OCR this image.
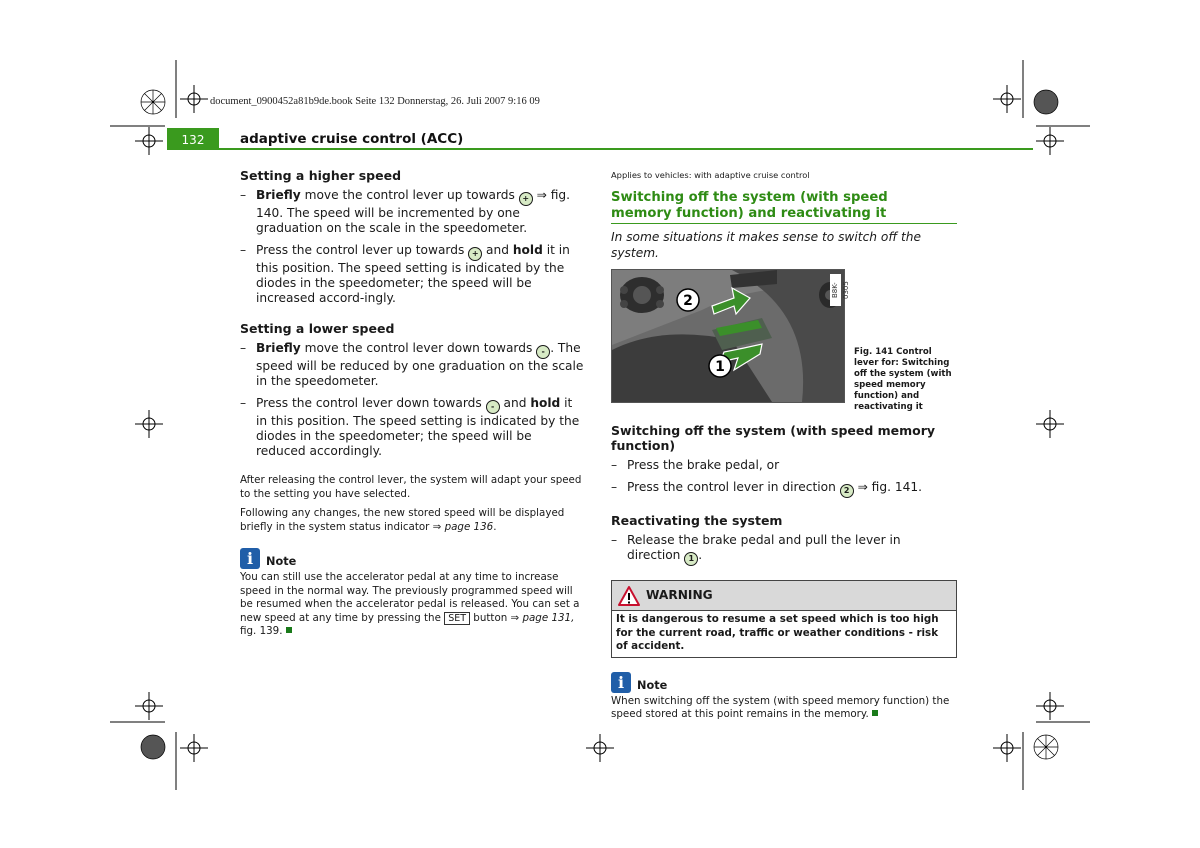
document_0900452a81b9de.book Seite 132 Donnerstag, 26. Juli 2007 9:16 09
132	adaptive cruise control (ACC)
Setting a higher speed
– Briefly move the control lever up towards + ⇒ fig. 140. The speed will be incremented by one graduation on the scale in the speedometer.
– Press the control lever up towards + and hold it in this position. The speed setting is indicated by the diodes in the speedometer; the speed will be increased accord-ingly.
Setting a lower speed
– Briefly move the control lever down towards - . The speed will be reduced by one graduation on the scale in the speedometer.
– Press the control lever down towards - and hold it in this position. The speed setting is indicated by the diodes in the speedometer; the speed will be reduced accordingly.

After releasing the control lever, the system will adapt your speed to the setting you have selected.

Following any changes, the new stored speed will be displayed briefly in the system status indicator ⇒ page 136.

i
Note

You can still use the accelerator pedal at any time to increase speed in the normal way. The previously programmed speed will be resumed when the accelerator pedal is released. You can set a new speed at any time by pressing the SET button ⇒ page 131, fig. 139.

Applies to vehicles: with adaptive cruise control
Switching off the system (with speed
memory function) and reactivating it

In some situations it makes sense to switch off the system.

2
1
B8K-0305
Fig. 141 Control lever for: Switching off the system (with speed memory function) and reactivating it
Switching off the system (with speed memory function)
– Press the brake pedal, or
– Press the control lever in direction 2 ⇒ fig. 141.
Reactivating the system
– Release the brake pedal and pull the lever in direction 1 .
WARNING
It is dangerous to resume a set speed which is too high for the current road, traffic or weather conditions - risk of accident.
i
Note

When switching off the system (with speed memory function) the speed stored at this point remains in the memory.
